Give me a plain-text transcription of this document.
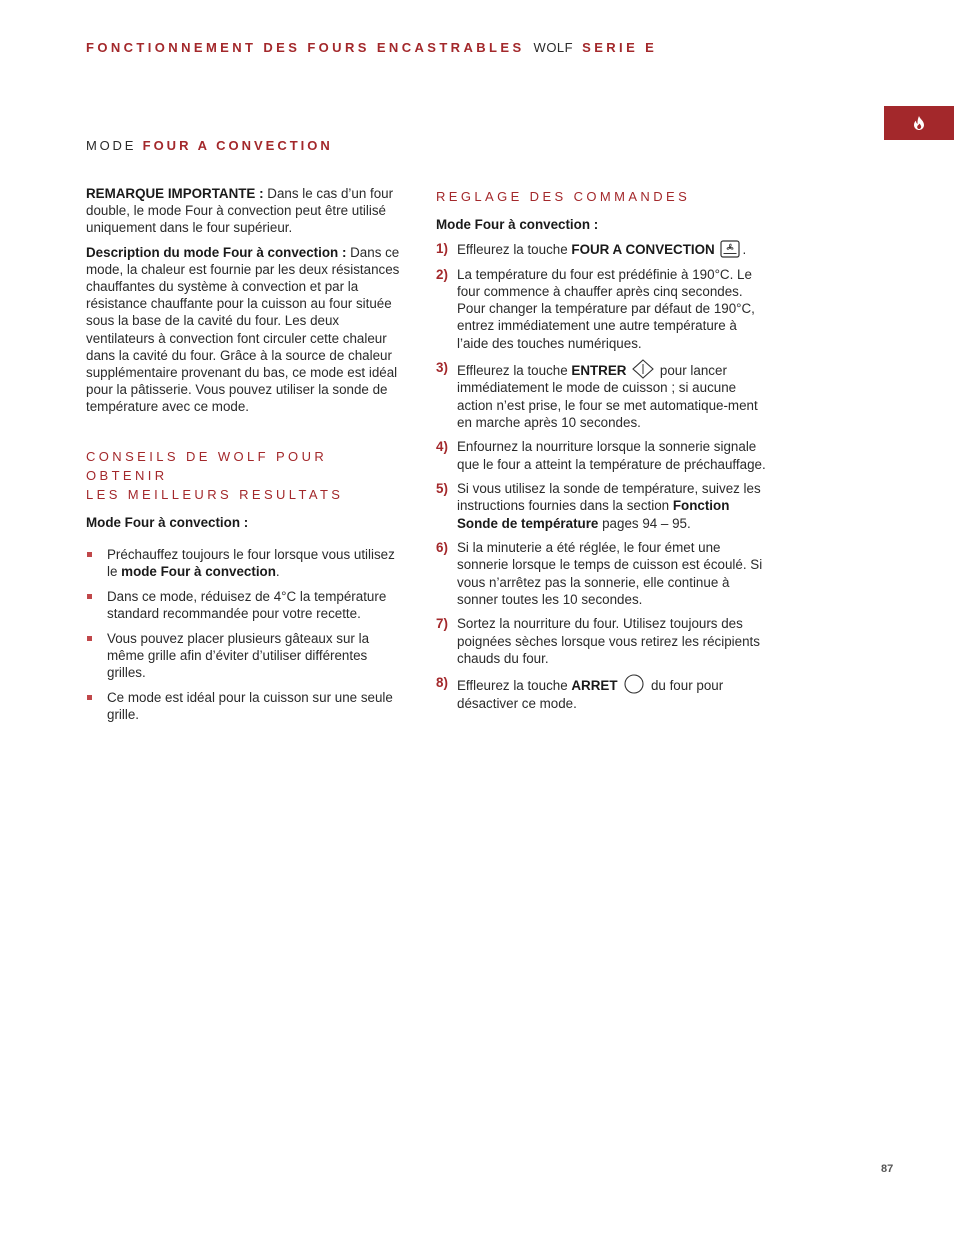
FONCTIONNEMENT DES FOURS ENCASTRABLES WOLF SERIE E
MODE FOUR A CONVECTION

REMARQUE IMPORTANTE : Dans le cas d’un four double, le mode Four à convection peut être utilisé uniquement dans le four supérieur.

Description du mode Four à convection : Dans ce mode, la chaleur est fournie par les deux résistances chauffantes du système à convection et par la résistance chauffante pour la cuisson au four située sous la base de la cavité du four. Les deux ventilateurs à convection font circuler cette chaleur dans la cavité du four. Grâce à la source de chaleur supplémentaire provenant du bas, ce mode est idéal pour la pâtisserie. Vous pouvez utiliser la sonde de température avec ce mode.

CONSEILS DE WOLF POUR OBTENIR
LES MEILLEURS RESULTATS

Mode Four à convection :

Préchauffez toujours le four lorsque vous utilisez le mode Four à convection.
Dans ce mode, réduisez de 4°C la température standard recommandée pour votre recette.
Vous pouvez placer plusieurs gâteaux sur la même grille afin d’éviter d’utiliser différentes grilles.
Ce mode est idéal pour la cuisson sur une seule grille.
REGLAGE DES COMMANDES

Mode Four à convection :

1) Effleurez la touche FOUR A CONVECTION .
2) La température du four est prédéfinie à 190°C. Le four commence à chauffer après cinq secondes. Pour changer la température par défaut de 190°C, entrez immédiatement une autre température à l’aide des touches numériques.
3) Effleurez la touche ENTRER  pour lancer immédiatement le mode de cuisson ; si aucune action n’est prise, le four se met automatique-ment en marche après 10 secondes.
4) Enfournez la nourriture lorsque la sonnerie signale que le four a atteint la température de préchauffage.
5) Si vous utilisez la sonde de température, suivez les instructions fournies dans la section Fonction Sonde de température pages 94 – 95.
6) Si la minuterie a été réglée, le four émet une sonnerie lorsque le temps de cuisson est écoulé. Si vous n’arrêtez pas la sonnerie, elle continue à sonner toutes les 10 secondes.
7) Sortez la nourriture du four. Utilisez toujours des poignées sèches lorsque vous retirez les récipients chauds du four.
8) Effleurez la touche ARRET  du four pour désactiver ce mode.
87
